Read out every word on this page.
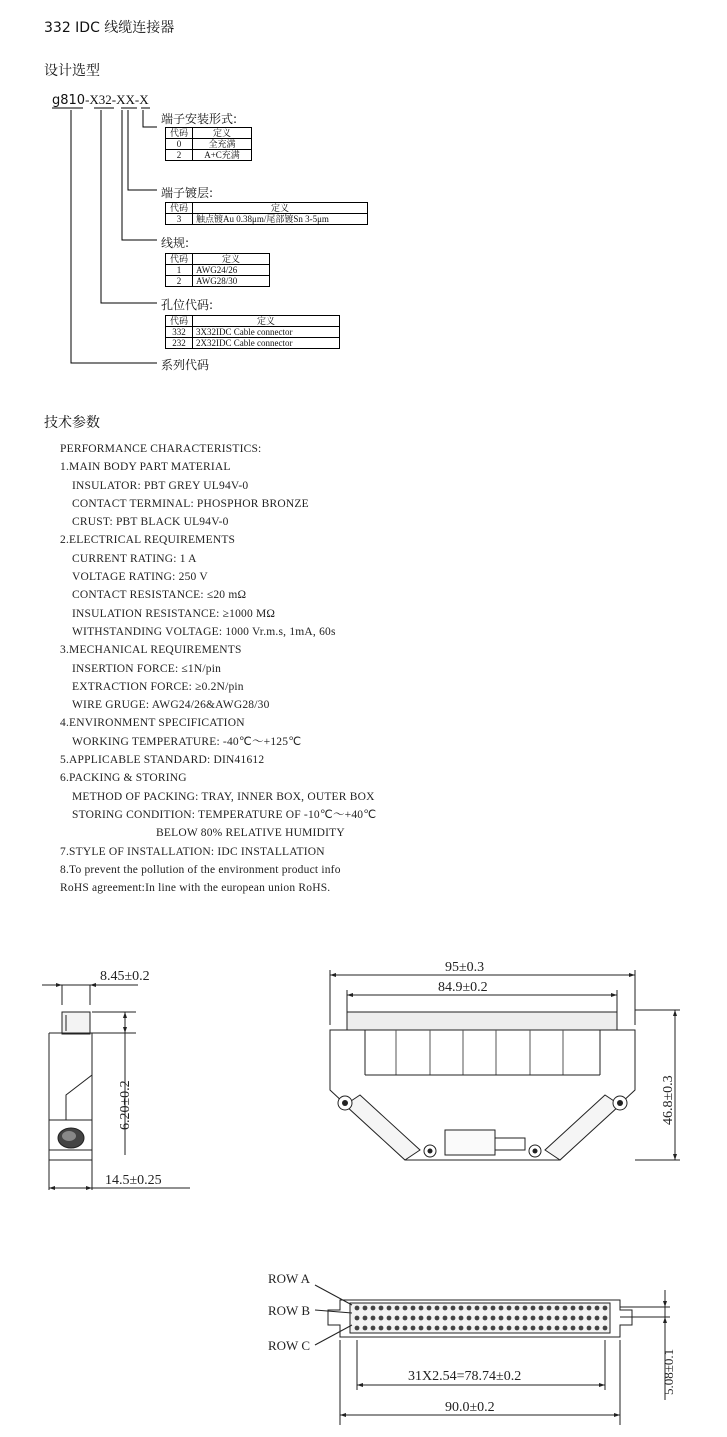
332 IDC 线缆连接器
设计选型
技术参数
g810-X32-XX-X
端子安装形式:
代码	定义
0	全充满
2	A+C充满
端子镀层:
代码	定义
3	触点镀Au 0.38μm/尾部镀Sn 3-5μm
线规:
代码	定义
1	AWG24/26
2	AWG28/30
孔位代码:
代码	定义
332	3X32IDC Cable connector
232	2X32IDC Cable connector
系列代码
PERFORMANCE CHARACTERISTICS:
1.MAIN BODY PART MATERIAL
INSULATOR: PBT GREY UL94V-0
CONTACT TERMINAL: PHOSPHOR BRONZE
CRUST: PBT BLACK UL94V-0
2.ELECTRICAL REQUIREMENTS
CURRENT RATING: 1 A
VOLTAGE RATING: 250 V
CONTACT RESISTANCE: ≤20 mΩ
INSULATION RESISTANCE: ≥1000 MΩ
WITHSTANDING VOLTAGE: 1000 Vr.m.s, 1mA, 60s
3.MECHANICAL REQUIREMENTS
INSERTION FORCE: ≤1N/pin
EXTRACTION FORCE: ≥0.2N/pin
WIRE GRUGE: AWG24/26&AWG28/30
4.ENVIRONMENT SPECIFICATION
WORKING TEMPERATURE: -40℃～+125℃
5.APPLICABLE STANDARD: DIN41612
6.PACKING & STORING
METHOD OF PACKING: TRAY, INNER BOX, OUTER BOX
STORING CONDITION: TEMPERATURE OF -10℃～+40℃
BELOW 80% RELATIVE HUMIDITY
7.STYLE OF INSTALLATION: IDC INSTALLATION
8.To prevent the pollution of the environment product info
RoHS agreement:In line with the european union RoHS.
8.45±0.2
6.20±0.2
14.5±0.25
95±0.3
84.9±0.2
46.8±0.3
ROW A
ROW B
ROW C
31X2.54=78.74±0.2
90.0±0.2
5.08±0.1
